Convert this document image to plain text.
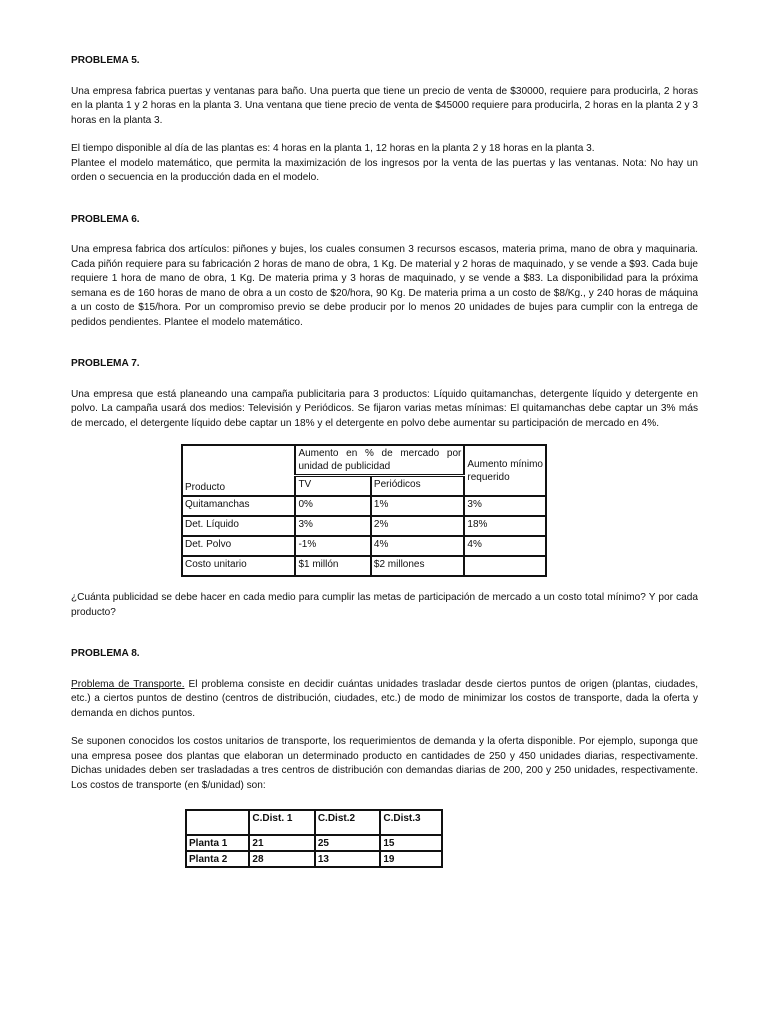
PROBLEMA 5.

Una empresa fabrica puertas y ventanas para baño. Una puerta que tiene un precio de venta de $30000, requiere para producirla, 2 horas en la planta 1 y 2 horas en la planta 3. Una ventana que tiene precio de venta de $45000 requiere para producirla, 2 horas en la planta 2 y 3 horas en la planta 3.

El tiempo disponible al día de las plantas es: 4 horas en la planta 1, 12 horas en la planta 2 y 18 horas en la planta 3.

Plantee el modelo matemático, que permita la maximización de los ingresos por la venta de las puertas y las ventanas. Nota: No hay un orden o secuencia en la producción dada en el modelo.

PROBLEMA 6.

Una empresa fabrica dos artículos: piñones y bujes, los cuales consumen 3 recursos escasos, materia prima, mano de obra y maquinaria. Cada piñón requiere para su fabricación 2 horas de mano de obra, 1 Kg. De material y 2 horas de maquinado, y se vende a $93. Cada buje requiere 1 hora de mano de obra, 1 Kg. De materia prima y 3 horas de maquinado, y se vende a $83. La disponibilidad para la próxima semana es de 160 horas de mano de obra a un costo de $20/hora, 90 Kg. De materia prima a un costo de $8/Kg., y 240 horas de máquina a un costo de $15/hora. Por un compromiso previo se debe producir por lo menos 20 unidades de bujes para cumplir con la entrega de pedidos pendientes. Plantee el modelo matemático.

PROBLEMA 7.

Una empresa que está planeando una campaña publicitaria para 3 productos: Líquido quitamanchas, detergente líquido y detergente en polvo. La campaña usará dos medios: Televisión y Periódicos. Se fijaron varias metas mínimas: El quitamanchas debe captar un 3% más de mercado, el detergente líquido debe captar un 18% y el detergente en polvo debe aumentar su participación de mercado en 4%.

Producto	Aumento en % de mercado por unidad de publicidad		Aumento mínimo requerido
	TV	Periódicos	
Quitamanchas	0%	1%	3%
Det. Líquido	3%	2%	18%
Det. Polvo	-1%	4%	4%
Costo unitario	$1 millón	$2 millones	

¿Cuánta publicidad se debe hacer en cada medio para cumplir las metas de participación de mercado a un costo total mínimo? Y por cada producto?

PROBLEMA 8.

Problema de Transporte. El problema consiste en decidir cuántas unidades trasladar desde ciertos puntos de origen (plantas, ciudades, etc.) a ciertos puntos de destino (centros de distribución, ciudades, etc.) de modo de minimizar los costos de transporte, dada la oferta y demanda en dichos puntos.

Se suponen conocidos los costos unitarios de transporte, los requerimientos de demanda y la oferta disponible. Por ejemplo, suponga que una empresa posee dos plantas que elaboran un determinado producto en cantidades de 250 y 450 unidades diarias, respectivamente. Dichas unidades deben ser trasladadas a tres centros de distribución con demandas diarias de 200, 200 y 250 unidades, respectivamente. Los costos de transporte (en $/unidad) son:

	C.Dist. 1	C.Dist.2	C.Dist.3
Planta 1	21	25	15
Planta 2	28	13	19
